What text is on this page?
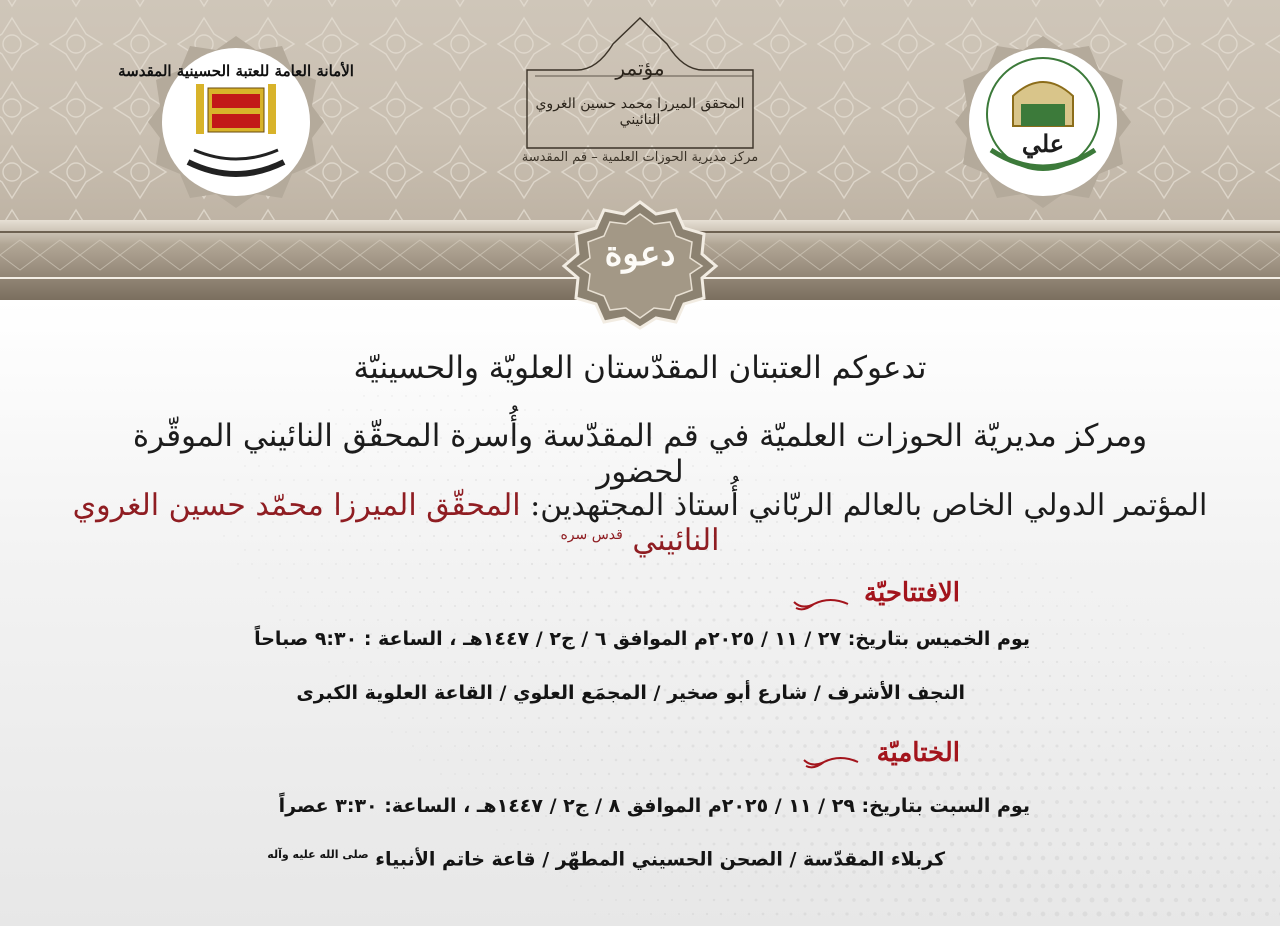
الأمانة العامة للعتبة الحسينية المقدسة
علي
مؤتمر
المحقق الميرزا محمد حسين الغروي النائيني
مركز مديرية الحوزات العلمية – قم المقدسة
دعوة
تدعوكم العتبتان المقدّستان العلويّة والحسينيّة
ومركز مديريّة الحوزات العلميّة في قم المقدّسة وأُسرة المحقّق النائيني الموقّرة لحضور
المؤتمر الدولي الخاص بالعالم الربّاني أُستاذ المجتهدين: المحقّق الميرزا محمّد حسين الغروي النائيني $^{قدس سره}$
الافتتاحيّة
يوم الخميس بتاريخ: ٢٧ / ١١ / ٢٠٢٥م الموافق ٦ / ج٢ / ١٤٤٧هـ ، الساعة : ٩:٣٠ صباحاً
النجف الأشرف / شارع أبو صخير / المجمَع العلوي / القاعة العلوية الكبرى
الختاميّة
يوم السبت بتاريخ: ٢٩ / ١١ / ٢٠٢٥م الموافق ٨ / ج٢ / ١٤٤٧هـ ، الساعة: ٣:٣٠ عصراً
كربلاء المقدّسة / الصحن الحسيني المطهّر / قاعة خاتم الأنبياء $^{صلى الله عليه وآله}$
